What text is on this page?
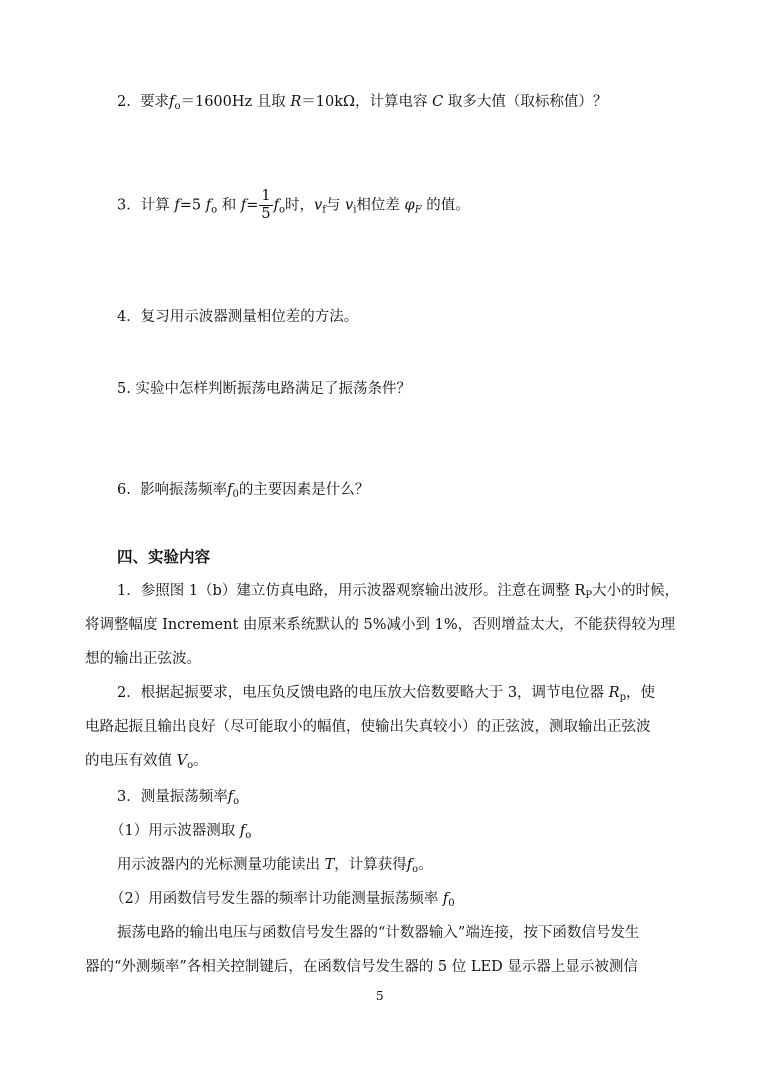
2. 要求$f_o=1600Hz$ 且取 R＝10kΩ，计算电容 C 取多大值（取标称值）？
3．计算 f=5 $f_o$ 和 $f= \frac{1}{5} f_o$时，$v_f$与 $v_i$相位差 $\varphi_F$ 的值。
4．复习用示波器测量相位差的方法。
5. 实验中怎样判断振荡电路满足了振荡条件？
6. 影响振荡频率$f_0$的主要因素是什么？
四、实验内容
1．参照图 1（b）建立仿真电路，用示波器观察输出波形。注意在调整 $R_P$大小的时候，
将调整幅度 Increment 由原来系统默认的 5%减小到 1%，否则增益太大，不能获得较为理
想的输出正弦波。
2．根据起振要求，电压负反馈电路的电压放大倍数要略大于 3，调节电位器 $R_p$，使
电路起振且输出良好（尽可能取小的幅值，使输出失真较小）的正弦波，测取输出正弦波
的电压有效值 $V_o$。
3．测量振荡频率$f_o$
（1）用示波器测取 $f_o$
用示波器内的光标测量功能读出 T，计算获得$f_o$。
（2）用函数信号发生器的频率计功能测量振荡频率 $f_0$
振荡电路的输出电压与函数信号发生器的“计数器输入”端连接，按下函数信号发生
器的“外测频率”各相关控制键后，在函数信号发生器的 5 位 LED 显示器上显示被测信
5
